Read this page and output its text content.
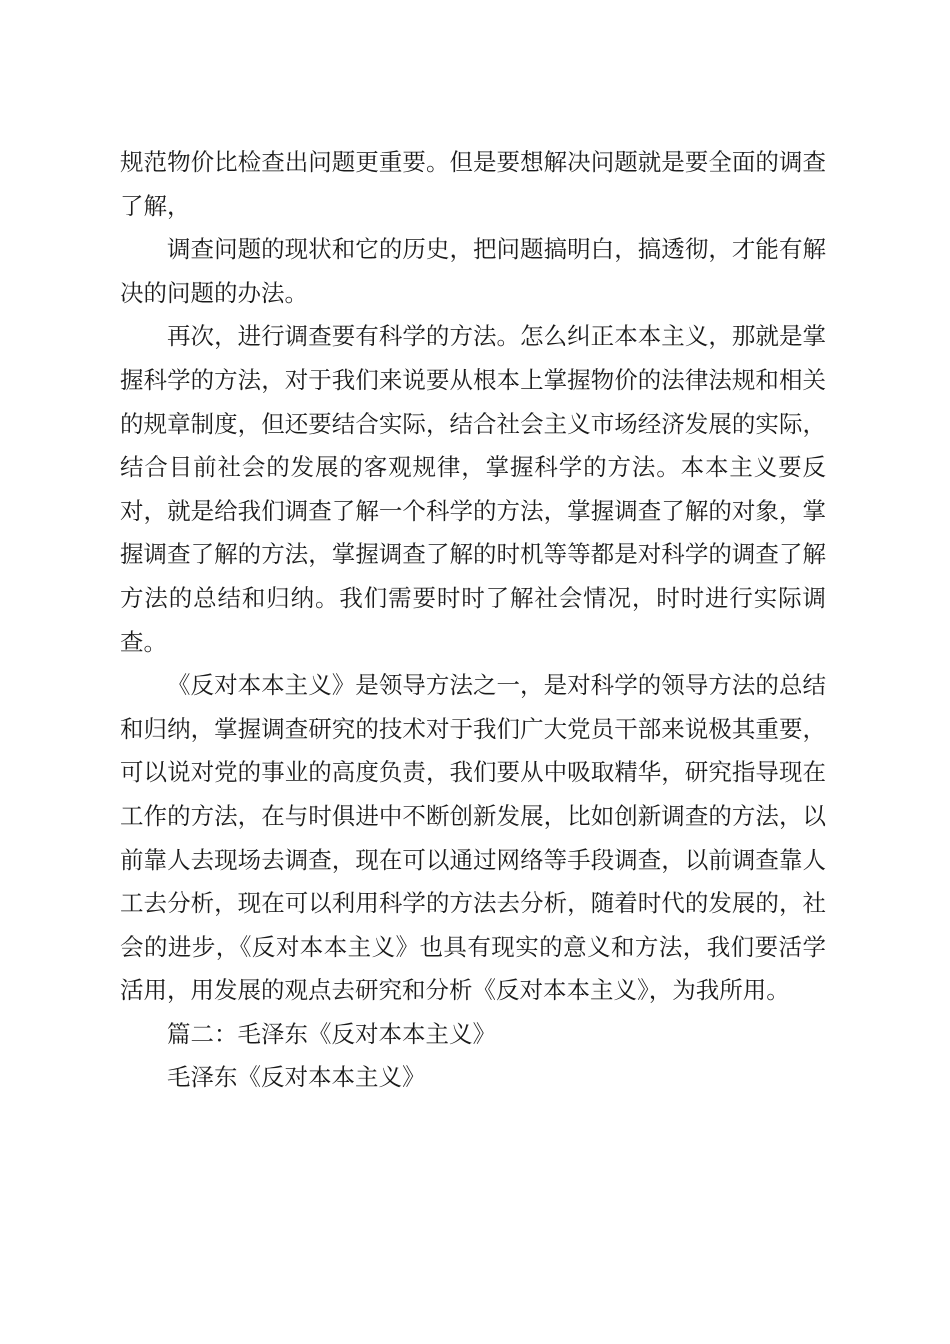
规范物价比检查出问题更重要。但是要想解决问题就是要全面的调查了解，

调查问题的现状和它的历史，把问题搞明白，搞透彻，才能有解决的问题的办法。

再次，进行调查要有科学的方法。怎么纠正本本主义，那就是掌握科学的方法，对于我们来说要从根本上掌握物价的法律法规和相关的规章制度，但还要结合实际，结合社会主义市场经济发展的实际，结合目前社会的发展的客观规律，掌握科学的方法。本本主义要反对，就是给我们调查了解一个科学的方法，掌握调查了解的对象，掌握调查了解的方法，掌握调查了解的时机等等都是对科学的调查了解方法的总结和归纳。我们需要时时了解社会情况，时时进行实际调查。

《反对本本主义》是领导方法之一，是对科学的领导方法的总结和归纳，掌握调查研究的技术对于我们广大党员干部来说极其重要，可以说对党的事业的高度负责，我们要从中吸取精华，研究指导现在工作的方法，在与时俱进中不断创新发展，比如创新调查的方法，以前靠人去现场去调查，现在可以通过网络等手段调查，以前调查靠人工去分析，现在可以利用科学的方法去分析，随着时代的发展的，社会的进步，《反对本本主义》也具有现实的意义和方法，我们要活学活用，用发展的观点去研究和分析《反对本本主义》，为我所用。

篇二：毛泽东《反对本本主义》

毛泽东《反对本本主义》
